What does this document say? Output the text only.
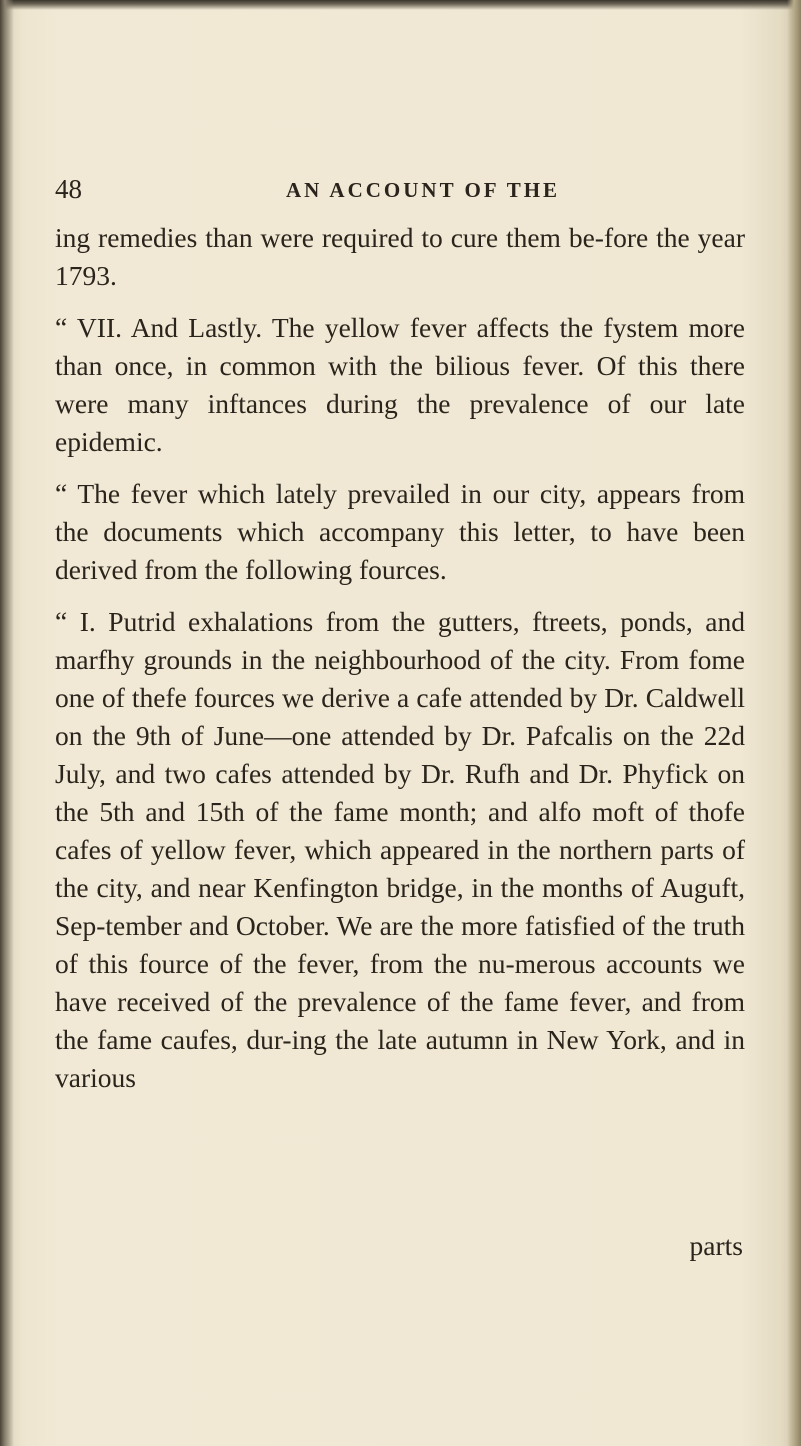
48	AN ACCOUNT OF THE

ing remedies than were required to cure them be-fore the year 1793.

“ VII. And Lastly. The yellow fever affects the fystem more than once, in common with the bilious fever. Of this there were many inftances during the prevalence of our late epidemic.

“ The fever which lately prevailed in our city, appears from the documents which accompany this letter, to have been derived from the following fources.

“ I. Putrid exhalations from the gutters, ftreets, ponds, and marfhy grounds in the neighbourhood of the city. From fome one of thefe fources we derive a cafe attended by Dr. Caldwell on the 9th of June—one attended by Dr. Pafcalis on the 22d July, and two cafes attended by Dr. Rufh and Dr. Phyfick on the 5th and 15th of the fame month; and alfo moft of thofe cafes of yellow fever, which appeared in the northern parts of the city, and near Kenfington bridge, in the months of Auguft, Sep-tember and October. We are the more fatisfied of the truth of this fource of the fever, from the nu-merous accounts we have received of the prevalence of the fame fever, and from the fame caufes, dur-ing the late autumn in New York, and in various

parts
